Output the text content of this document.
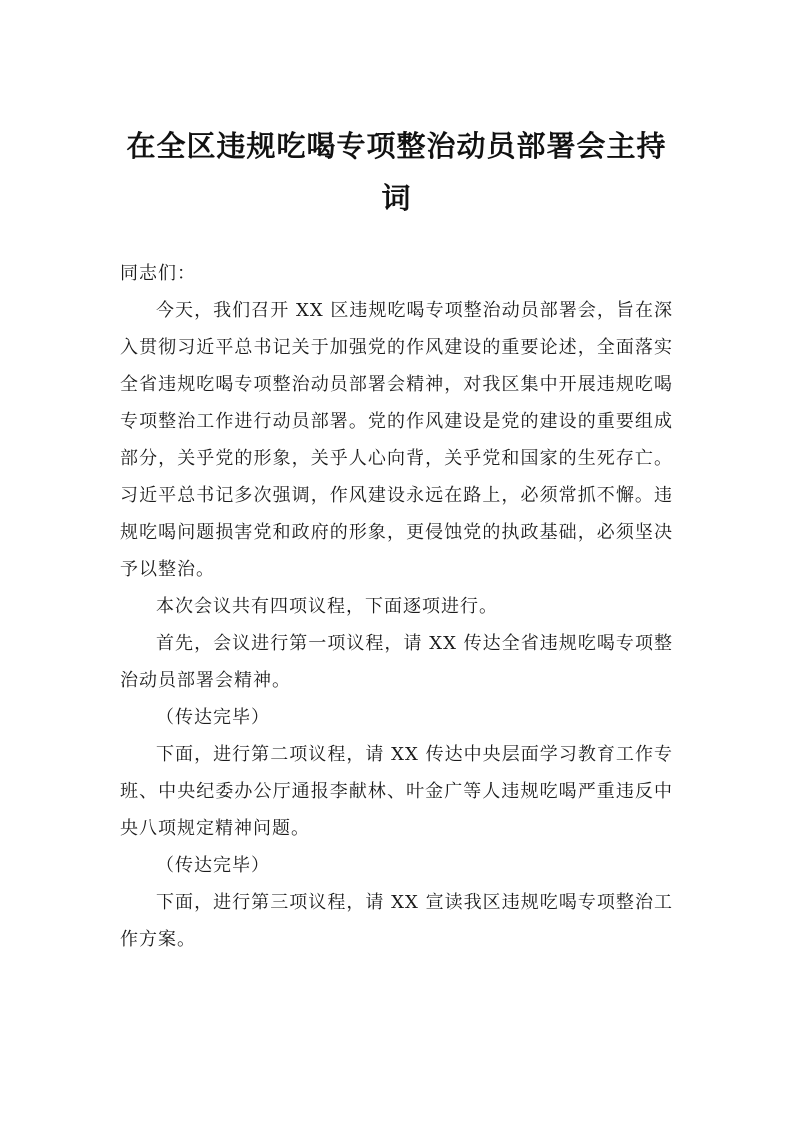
在全区违规吃喝专项整治动员部署会主持
词

同志们：

今天，我们召开 XX 区违规吃喝专项整治动员部署会，旨在深入贯彻习近平总书记关于加强党的作风建设的重要论述，全面落实全省违规吃喝专项整治动员部署会精神，对我区集中开展违规吃喝专项整治工作进行动员部署。党的作风建设是党的建设的重要组成部分，关乎党的形象，关乎人心向背，关乎党和国家的生死存亡。习近平总书记多次强调，作风建设永远在路上，必须常抓不懈。违规吃喝问题损害党和政府的形象，更侵蚀党的执政基础，必须坚决予以整治。

本次会议共有四项议程，下面逐项进行。

首先，会议进行第一项议程，请 XX 传达全省违规吃喝专项整治动员部署会精神。

（传达完毕）

下面，进行第二项议程，请 XX 传达中央层面学习教育工作专班、中央纪委办公厅通报李献林、叶金广等人违规吃喝严重违反中央八项规定精神问题。

（传达完毕）

下面，进行第三项议程，请 XX 宣读我区违规吃喝专项整治工作方案。
